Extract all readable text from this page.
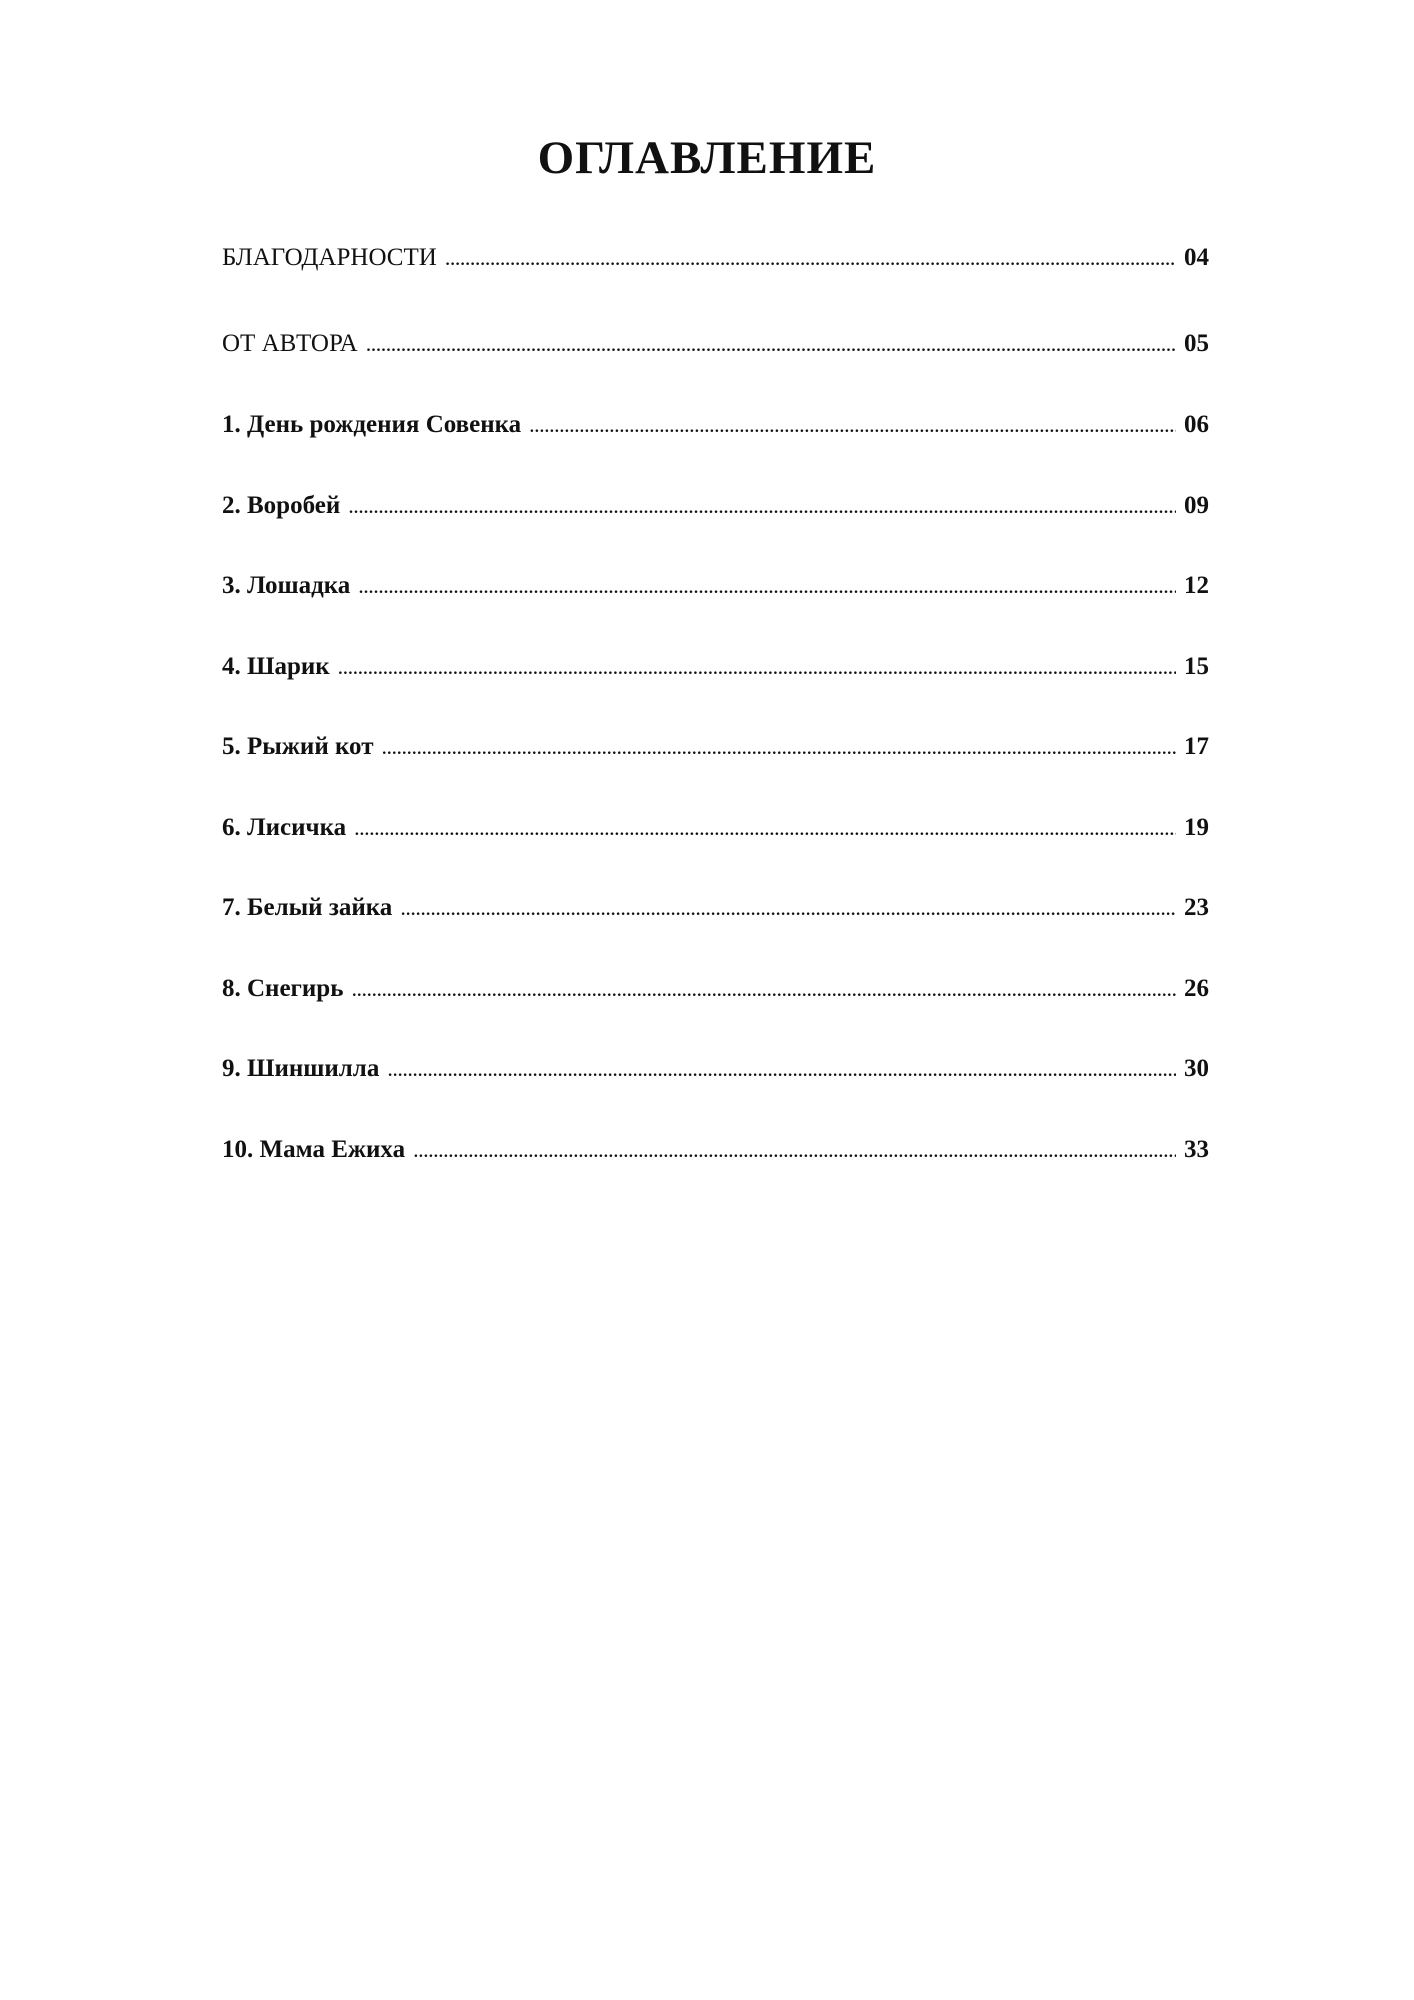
ОГЛАВЛЕНИЕ
БЛАГОДАРНОСТИ . . .	04
ОТ АВТОРА . . .	05
1. День рождения Совенка . . .	06
2. Воробей . . .	09
3. Лошадка . . .	12
4. Шарик . . .	15
5. Рыжий кот . . .	17
6. Лисичка . . .	19
7. Белый зайка . . .	23
8. Снегирь . . .	26
9. Шиншилла . . .	30
10. Мама Ежиха . . .	33
